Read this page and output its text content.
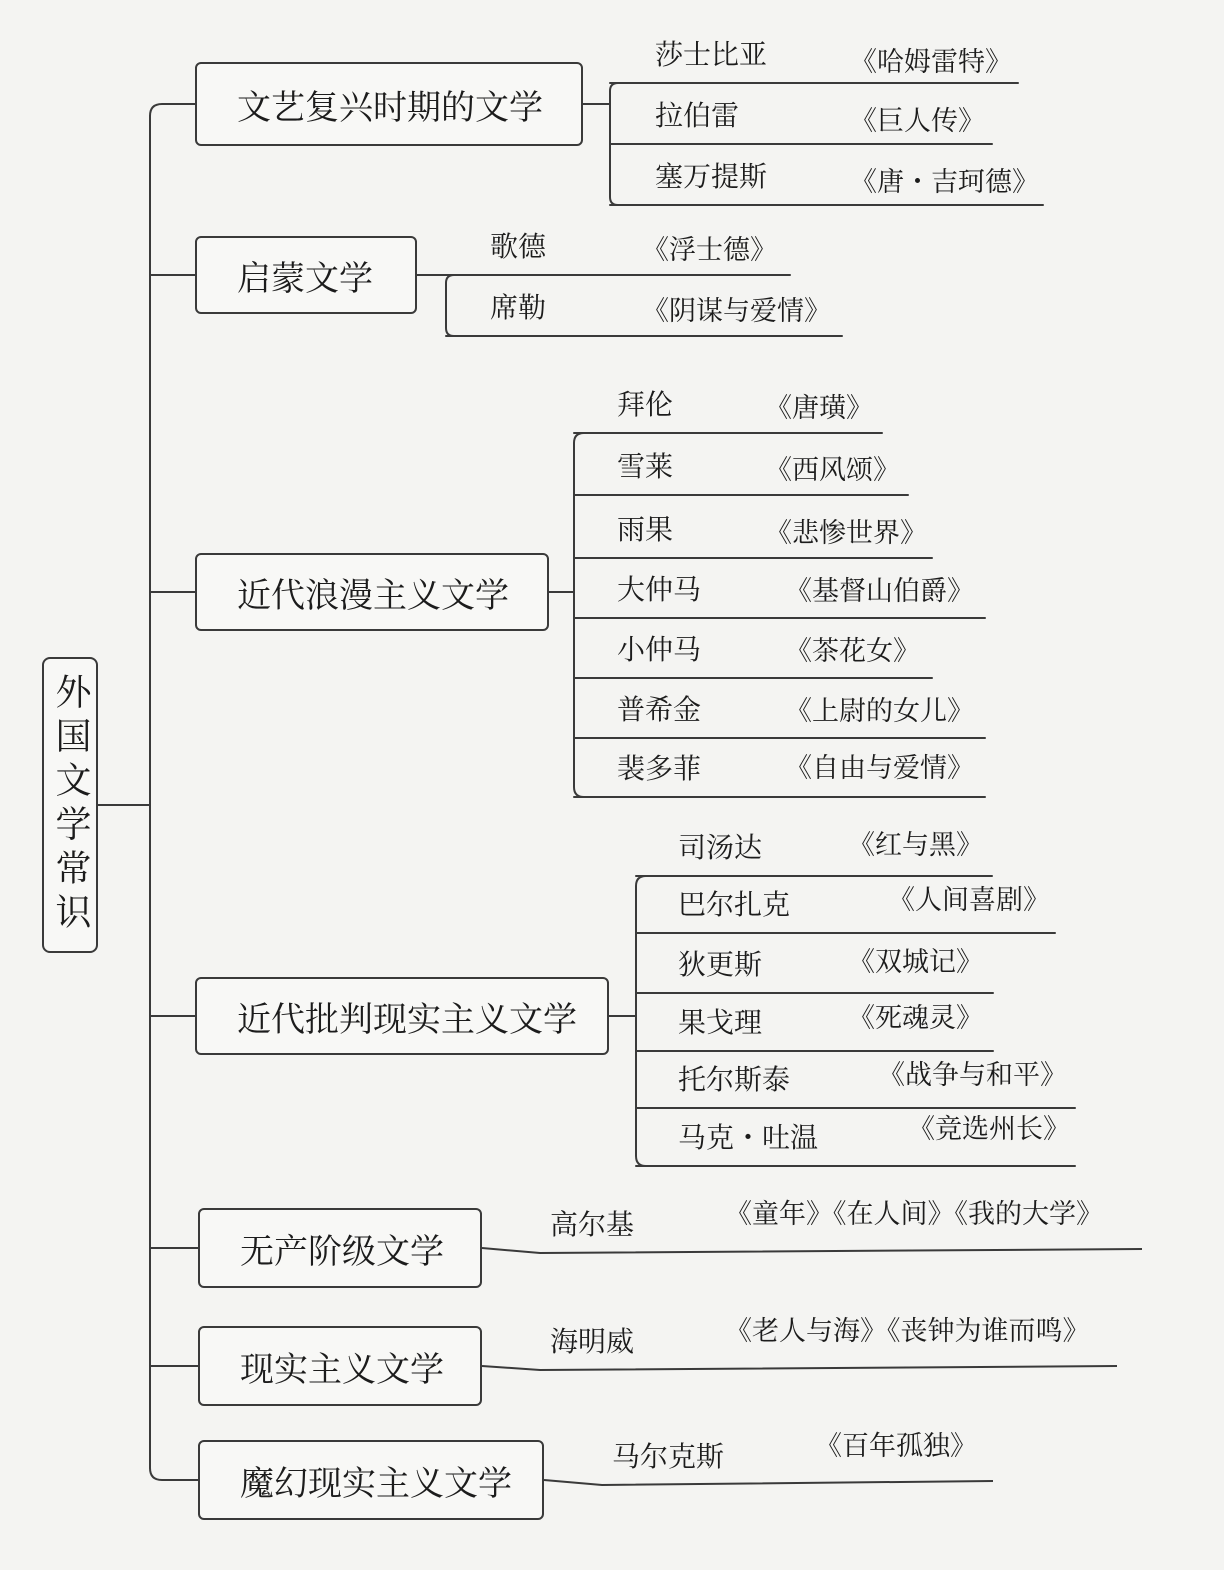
外国文学常识
文艺复兴时期的文学
莎士比亚	《哈姆雷特》
拉伯雷	《巨人传》
塞万提斯	《唐・吉珂德》
启蒙文学
歌德	《浮士德》
席勒	《阴谋与爱情》
近代浪漫主义文学
拜伦	《唐璜》
雪莱	《西风颂》
雨果	《悲惨世界》
大仲马	《基督山伯爵》
小仲马	《茶花女》
普希金	《上尉的女儿》
裴多菲	《自由与爱情》
近代批判现实主义文学
司汤达	《红与黑》
巴尔扎克	《人间喜剧》
狄更斯	《双城记》
果戈理	《死魂灵》
托尔斯泰	《战争与和平》
马克・吐温	《竞选州长》
无产阶级文学
高尔基	《童年》《在人间》《我的大学》
现实主义文学
海明威	《老人与海》《丧钟为谁而鸣》
魔幻现实主义文学
马尔克斯	《百年孤独》
